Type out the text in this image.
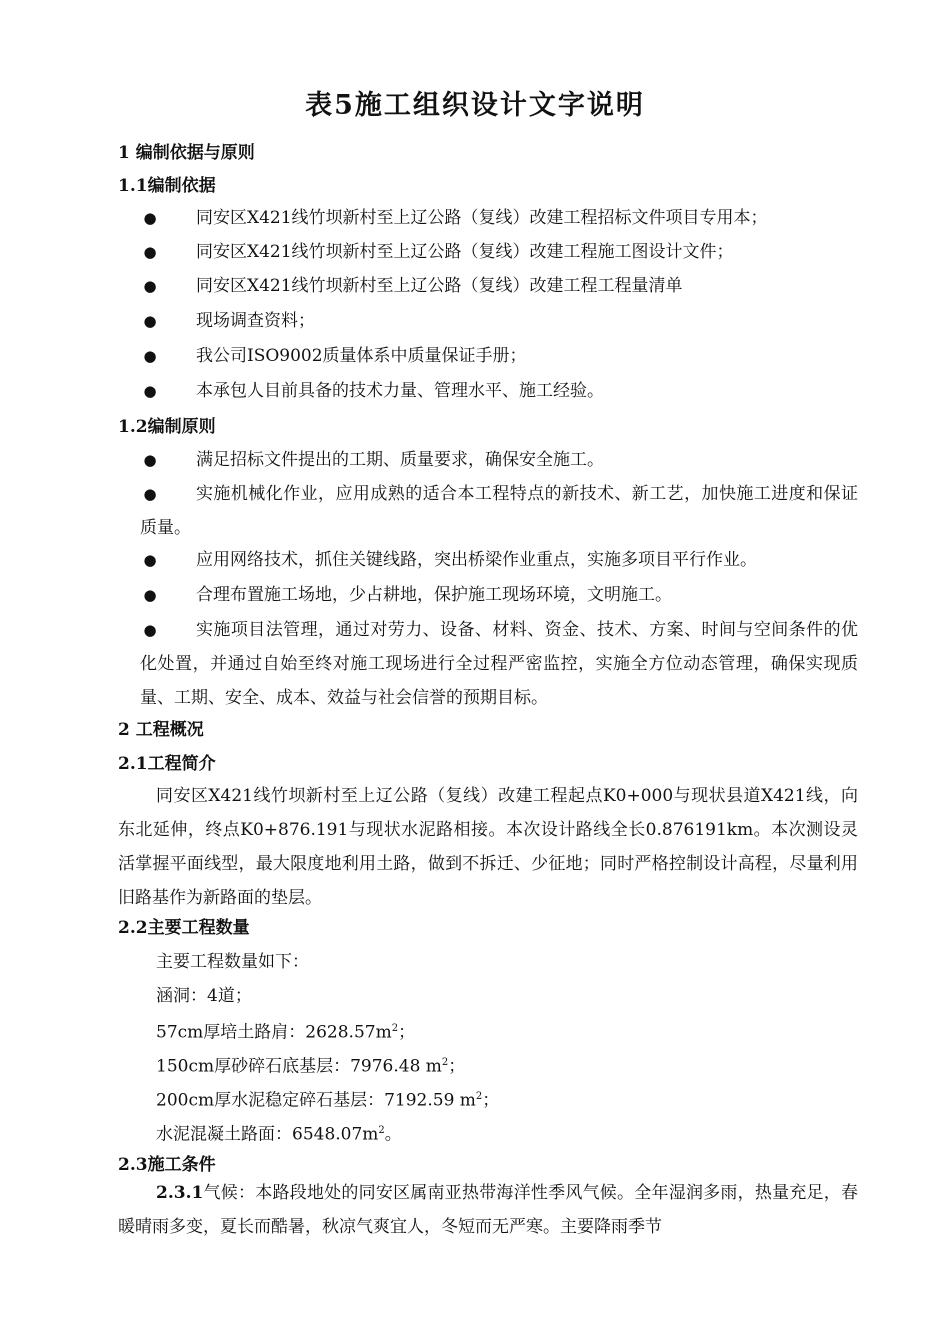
表5施工组织设计文字说明
1 编制依据与原则
1.1编制依据
●	同安区X421线竹坝新村至上辽公路（复线）改建工程招标文件项目专用本；
●	同安区X421线竹坝新村至上辽公路（复线）改建工程施工图设计文件；
●	同安区X421线竹坝新村至上辽公路（复线）改建工程工程量清单
●	现场调查资料；
●	我公司ISO9002质量体系中质量保证手册；
●	本承包人目前具备的技术力量、管理水平、施工经验。
1.2编制原则
●	满足招标文件提出的工期、质量要求，确保安全施工。
●	实施机械化作业，应用成熟的适合本工程特点的新技术、新工艺，加快施工进度和保证质量。
●	应用网络技术，抓住关键线路，突出桥梁作业重点，实施多项目平行作业。
●	合理布置施工场地，少占耕地，保护施工现场环境，文明施工。
●	实施项目法管理，通过对劳力、设备、材料、资金、技术、方案、时间与空间条件的优化处置，并通过自始至终对施工现场进行全过程严密监控，实施全方位动态管理，确保实现质量、工期、安全、成本、效益与社会信誉的预期目标。
2 工程概况
2.1工程简介
同安区X421线竹坝新村至上辽公路（复线）改建工程起点K0+000与现状县道X421线，向东北延伸，终点K0+876.191与现状水泥路相接。本次设计路线全长0.876191km。本次测设灵活掌握平面线型，最大限度地利用土路，做到不拆迁、少征地；同时严格控制设计高程，尽量利用旧路基作为新路面的垫层。
2.2主要工程数量
主要工程数量如下：
涵洞：4道；
57cm厚培土路肩：$2628.57m^2$；
150cm厚砂碎石底基层：7976.48 $m^2$；
200cm厚水泥稳定碎石基层：7192.59 $m^2$；
水泥混凝土路面：$6548.07m^2$。
2.3施工条件
2.3.1气候：本路段地处的同安区属南亚热带海洋性季风气候。全年湿润多雨，热量充足，春暖晴雨多变，夏长而酷暑，秋凉气爽宜人，冬短而无严寒。主要降雨季节
